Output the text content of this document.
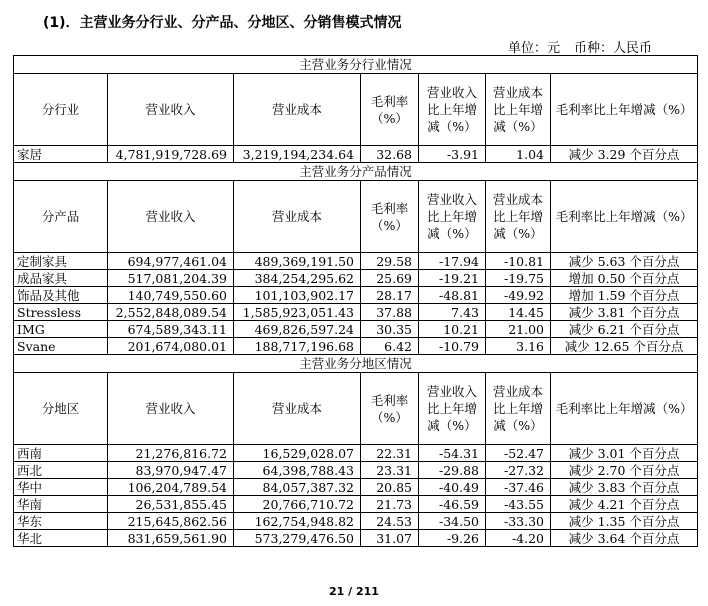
(1)．主营业务分行业、分产品、分地区、分销售模式情况
单位：元 币种：人民币
主营业务分行业情况						
分行业	营业收入	营业成本	毛利率（%）	营业收入比上年增减（%）	营业成本比上年增减（%）	毛利率比上年增减（%）
家居	4,781,919,728.69	3,219,194,234.64	32.68	-3.91	1.04	减少 3.29 个百分点
主营业务分产品情况						
分产品	营业收入	营业成本	毛利率（%）	营业收入比上年增减（%）	营业成本比上年增减（%）	毛利率比上年增减（%）
定制家具	694,977,461.04	489,369,191.50	29.58	-17.94	-10.81	减少 5.63 个百分点
成品家具	517,081,204.39	384,254,295.62	25.69	-19.21	-19.75	增加 0.50 个百分点
饰品及其他	140,749,550.60	101,103,902.17	28.17	-48.81	-49.92	增加 1.59 个百分点
Stressless	2,552,848,089.54	1,585,923,051.43	37.88	7.43	14.45	减少 3.81 个百分点
IMG	674,589,343.11	469,826,597.24	30.35	10.21	21.00	减少 6.21 个百分点
Svane	201,674,080.01	188,717,196.68	6.42	-10.79	3.16	减少 12.65 个百分点
主营业务分地区情况						
分地区	营业收入	营业成本	毛利率（%）	营业收入比上年增减（%）	营业成本比上年增减（%）	毛利率比上年增减（%）
西南	21,276,816.72	16,529,028.07	22.31	-54.31	-52.47	减少 3.01 个百分点
西北	83,970,947.47	64,398,788.43	23.31	-29.88	-27.32	减少 2.70 个百分点
华中	106,204,789.54	84,057,387.32	20.85	-40.49	-37.46	减少 3.83 个百分点
华南	26,531,855.45	20,766,710.72	21.73	-46.59	-43.55	减少 4.21 个百分点
华东	215,645,862.56	162,754,948.82	24.53	-34.50	-33.30	减少 1.35 个百分点
华北	831,659,561.90	573,279,476.50	31.07	-9.26	-4.20	减少 3.64 个百分点
21 / 211
